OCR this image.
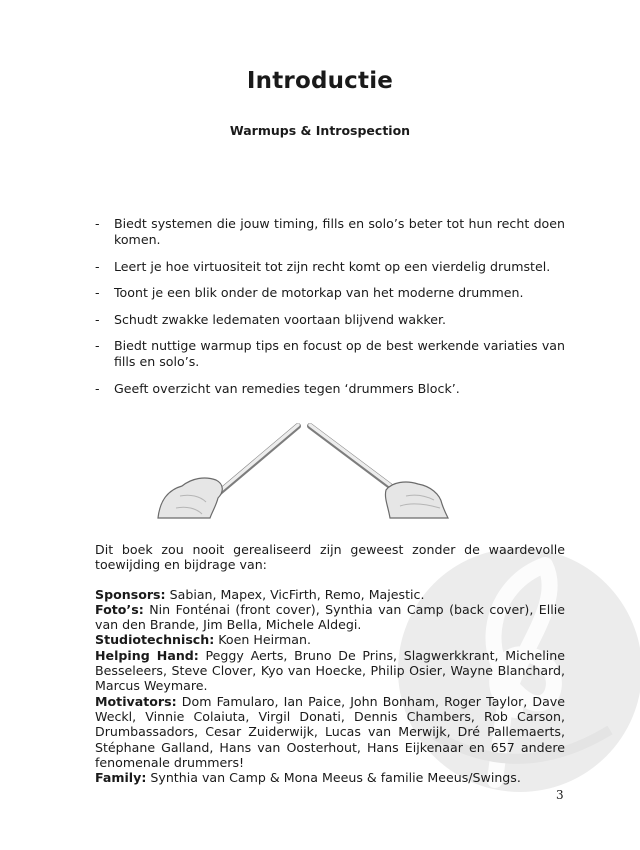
Introductie
Warmups & Introspection
- Biedt systemen die jouw timing, fills en solo’s beter tot hun recht doen komen.
- Leert je hoe virtuositeit tot zijn recht komt op een vierdelig drumstel.
- Toont je een blik onder de motorkap van het moderne drummen.
- Schudt zwakke ledematen voortaan blijvend wakker.
- Biedt nuttige warmup tips en focust op de best werkende variaties van fills en solo’s.
- Geeft overzicht van remedies tegen ‘drummers Block’.

Dit boek zou nooit gerealiseerd zijn geweest zonder de waardevolle toewijding en bijdrage van:

Sponsors: Sabian, Mapex, VicFirth, Remo, Majestic.

Foto’s: Nin Fonténai (front cover), Synthia van Camp (back cover), Ellie van den Brande, Jim Bella, Michele Aldegi.

Studiotechnisch: Koen Heirman.

Helping Hand: Peggy Aerts, Bruno De Prins, Slagwerkkrant, Micheline Besseleers, Steve Clover, Kyo van Hoecke, Philip Osier, Wayne Blanchard, Marcus Weymare.

Motivators: Dom Famularo, Ian Paice, John Bonham, Roger Taylor, Dave Weckl, Vinnie Colaiuta, Virgil Donati, Dennis Chambers, Rob Carson, Drumbassadors, Cesar Zuiderwijk, Lucas van Merwijk, Dré Pallemaerts, Stéphane Galland, Hans van Oosterhout, Hans Eijkenaar en 657 andere fenomenale drummers!

Family: Synthia van Camp & Mona Meeus & familie Meeus/Swings.

3
